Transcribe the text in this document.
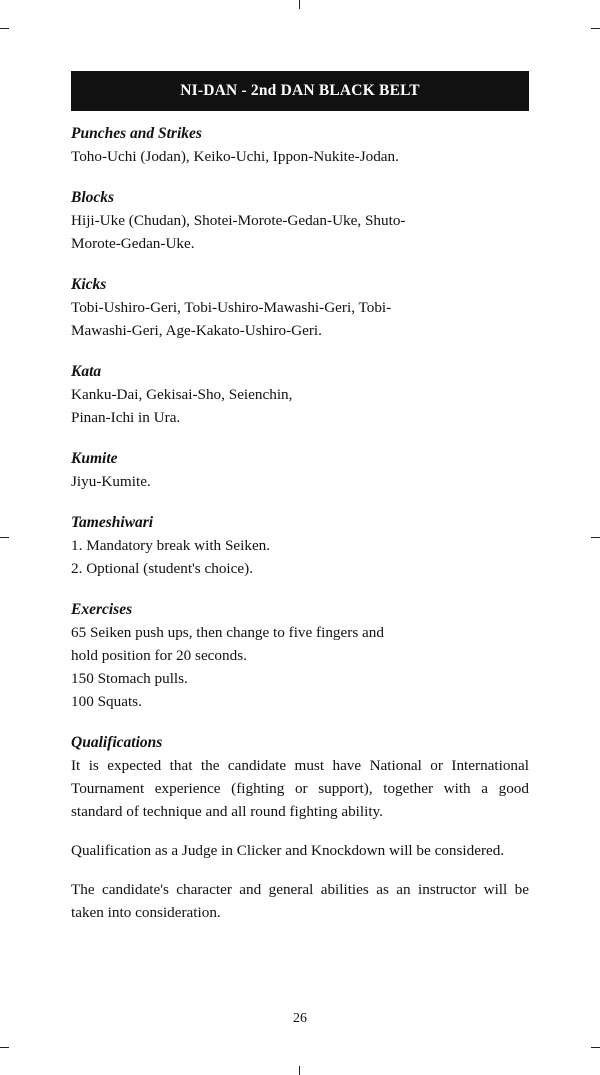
NI-DAN - 2nd DAN BLACK BELT
Punches and Strikes
Toho-Uchi (Jodan), Keiko-Uchi, Ippon-Nukite-Jodan.
Blocks
Hiji-Uke (Chudan), Shotei-Morote-Gedan-Uke, Shuto-
Morote-Gedan-Uke.
Kicks
Tobi-Ushiro-Geri, Tobi-Ushiro-Mawashi-Geri, Tobi-
Mawashi-Geri, Age-Kakato-Ushiro-Geri.
Kata
Kanku-Dai, Gekisai-Sho, Seienchin,
Pinan-Ichi in Ura.
Kumite
Jiyu-Kumite.
Tameshiwari
1. Mandatory break with Seiken.
2. Optional (student's choice).
Exercises
65 Seiken push ups, then change to five fingers and
hold position for 20 seconds.
150 Stomach pulls.
100 Squats.
Qualifications
It is expected that the candidate must have National or International Tournament experience (fighting or support), together with a good standard of technique and all round fighting ability.
Qualification as a Judge in Clicker and Knockdown will be considered.
The candidate's character and general abilities as an instructor will be taken into consideration.
26
